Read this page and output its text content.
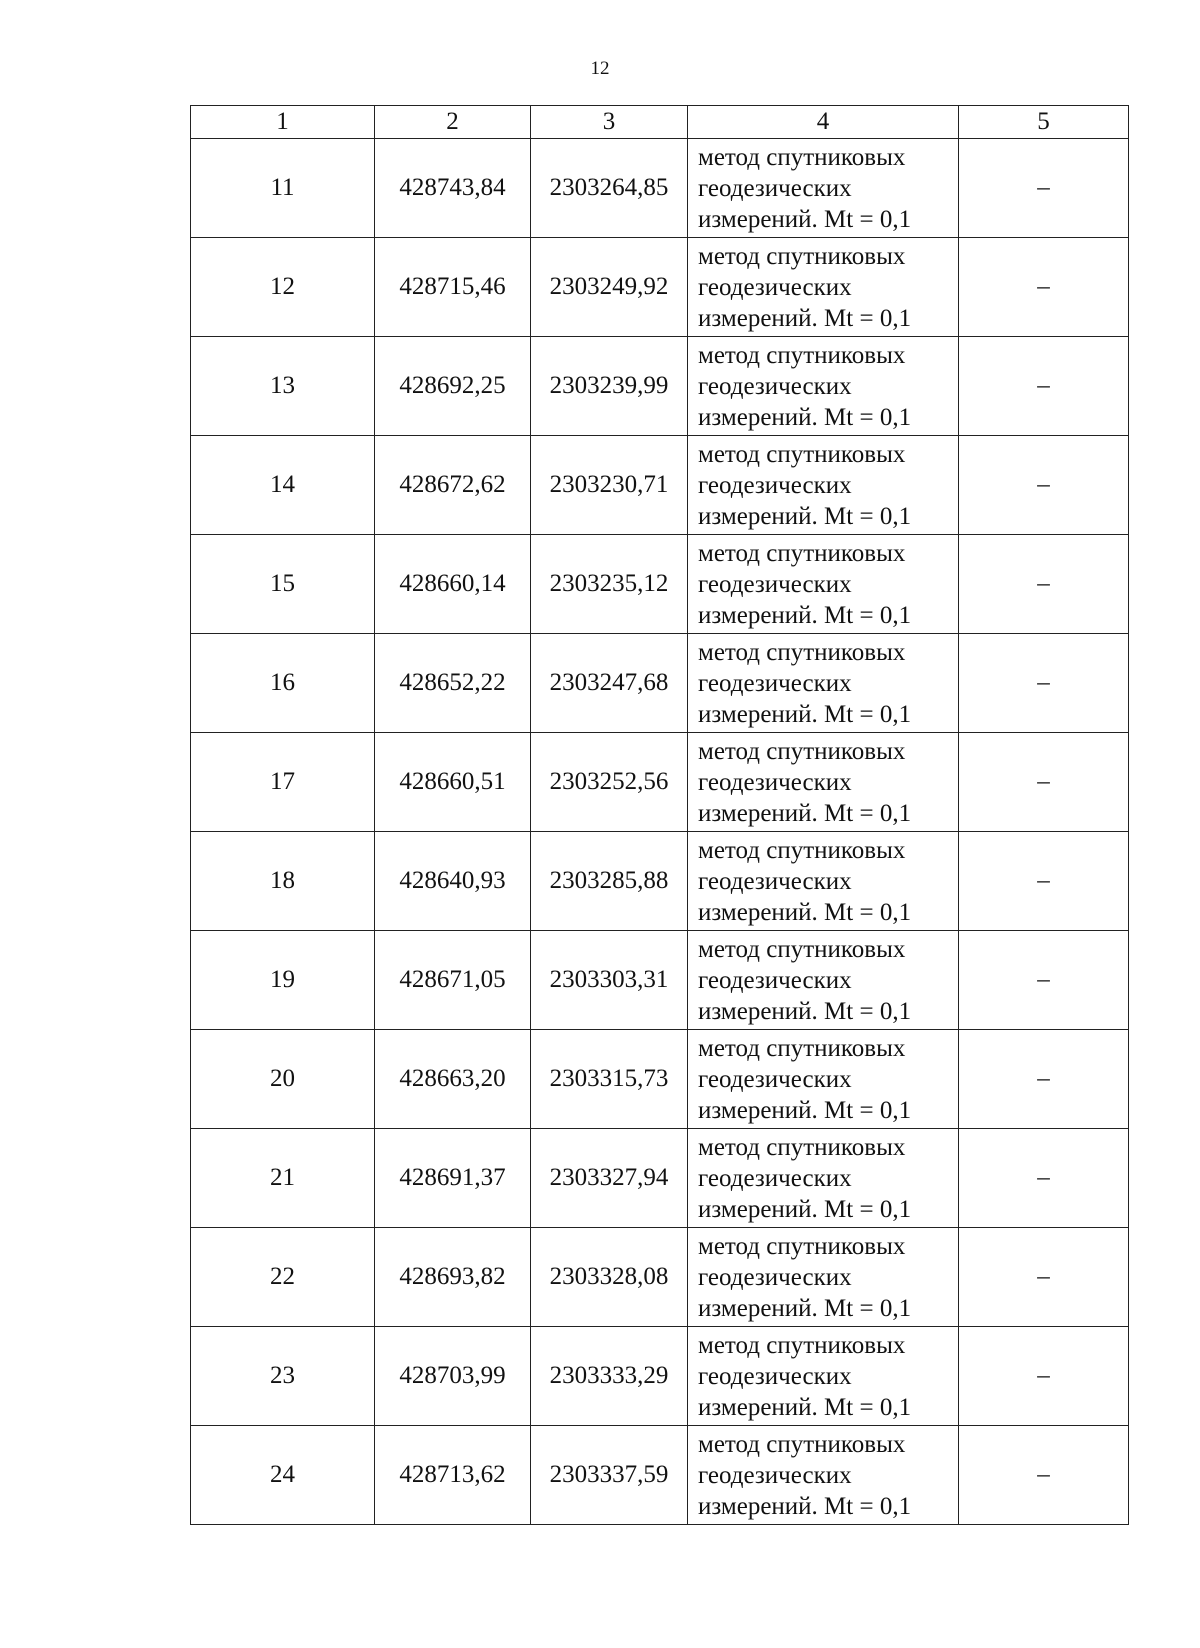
12
1	2	3	4	5
11	428743,84	2303264,85	метод спутниковых
геодезических
измерений. Mt = 0,1	–
12	428715,46	2303249,92	метод спутниковых
геодезических
измерений. Mt = 0,1	–
13	428692,25	2303239,99	метод спутниковых
геодезических
измерений. Mt = 0,1	–
14	428672,62	2303230,71	метод спутниковых
геодезических
измерений. Mt = 0,1	–
15	428660,14	2303235,12	метод спутниковых
геодезических
измерений. Mt = 0,1	–
16	428652,22	2303247,68	метод спутниковых
геодезических
измерений. Mt = 0,1	–
17	428660,51	2303252,56	метод спутниковых
геодезических
измерений. Mt = 0,1	–
18	428640,93	2303285,88	метод спутниковых
геодезических
измерений. Mt = 0,1	–
19	428671,05	2303303,31	метод спутниковых
геодезических
измерений. Mt = 0,1	–
20	428663,20	2303315,73	метод спутниковых
геодезических
измерений. Mt = 0,1	–
21	428691,37	2303327,94	метод спутниковых
геодезических
измерений. Mt = 0,1	–
22	428693,82	2303328,08	метод спутниковых
геодезических
измерений. Mt = 0,1	–
23	428703,99	2303333,29	метод спутниковых
геодезических
измерений. Mt = 0,1	–
24	428713,62	2303337,59	метод спутниковых
геодезических
измерений. Mt = 0,1	–
